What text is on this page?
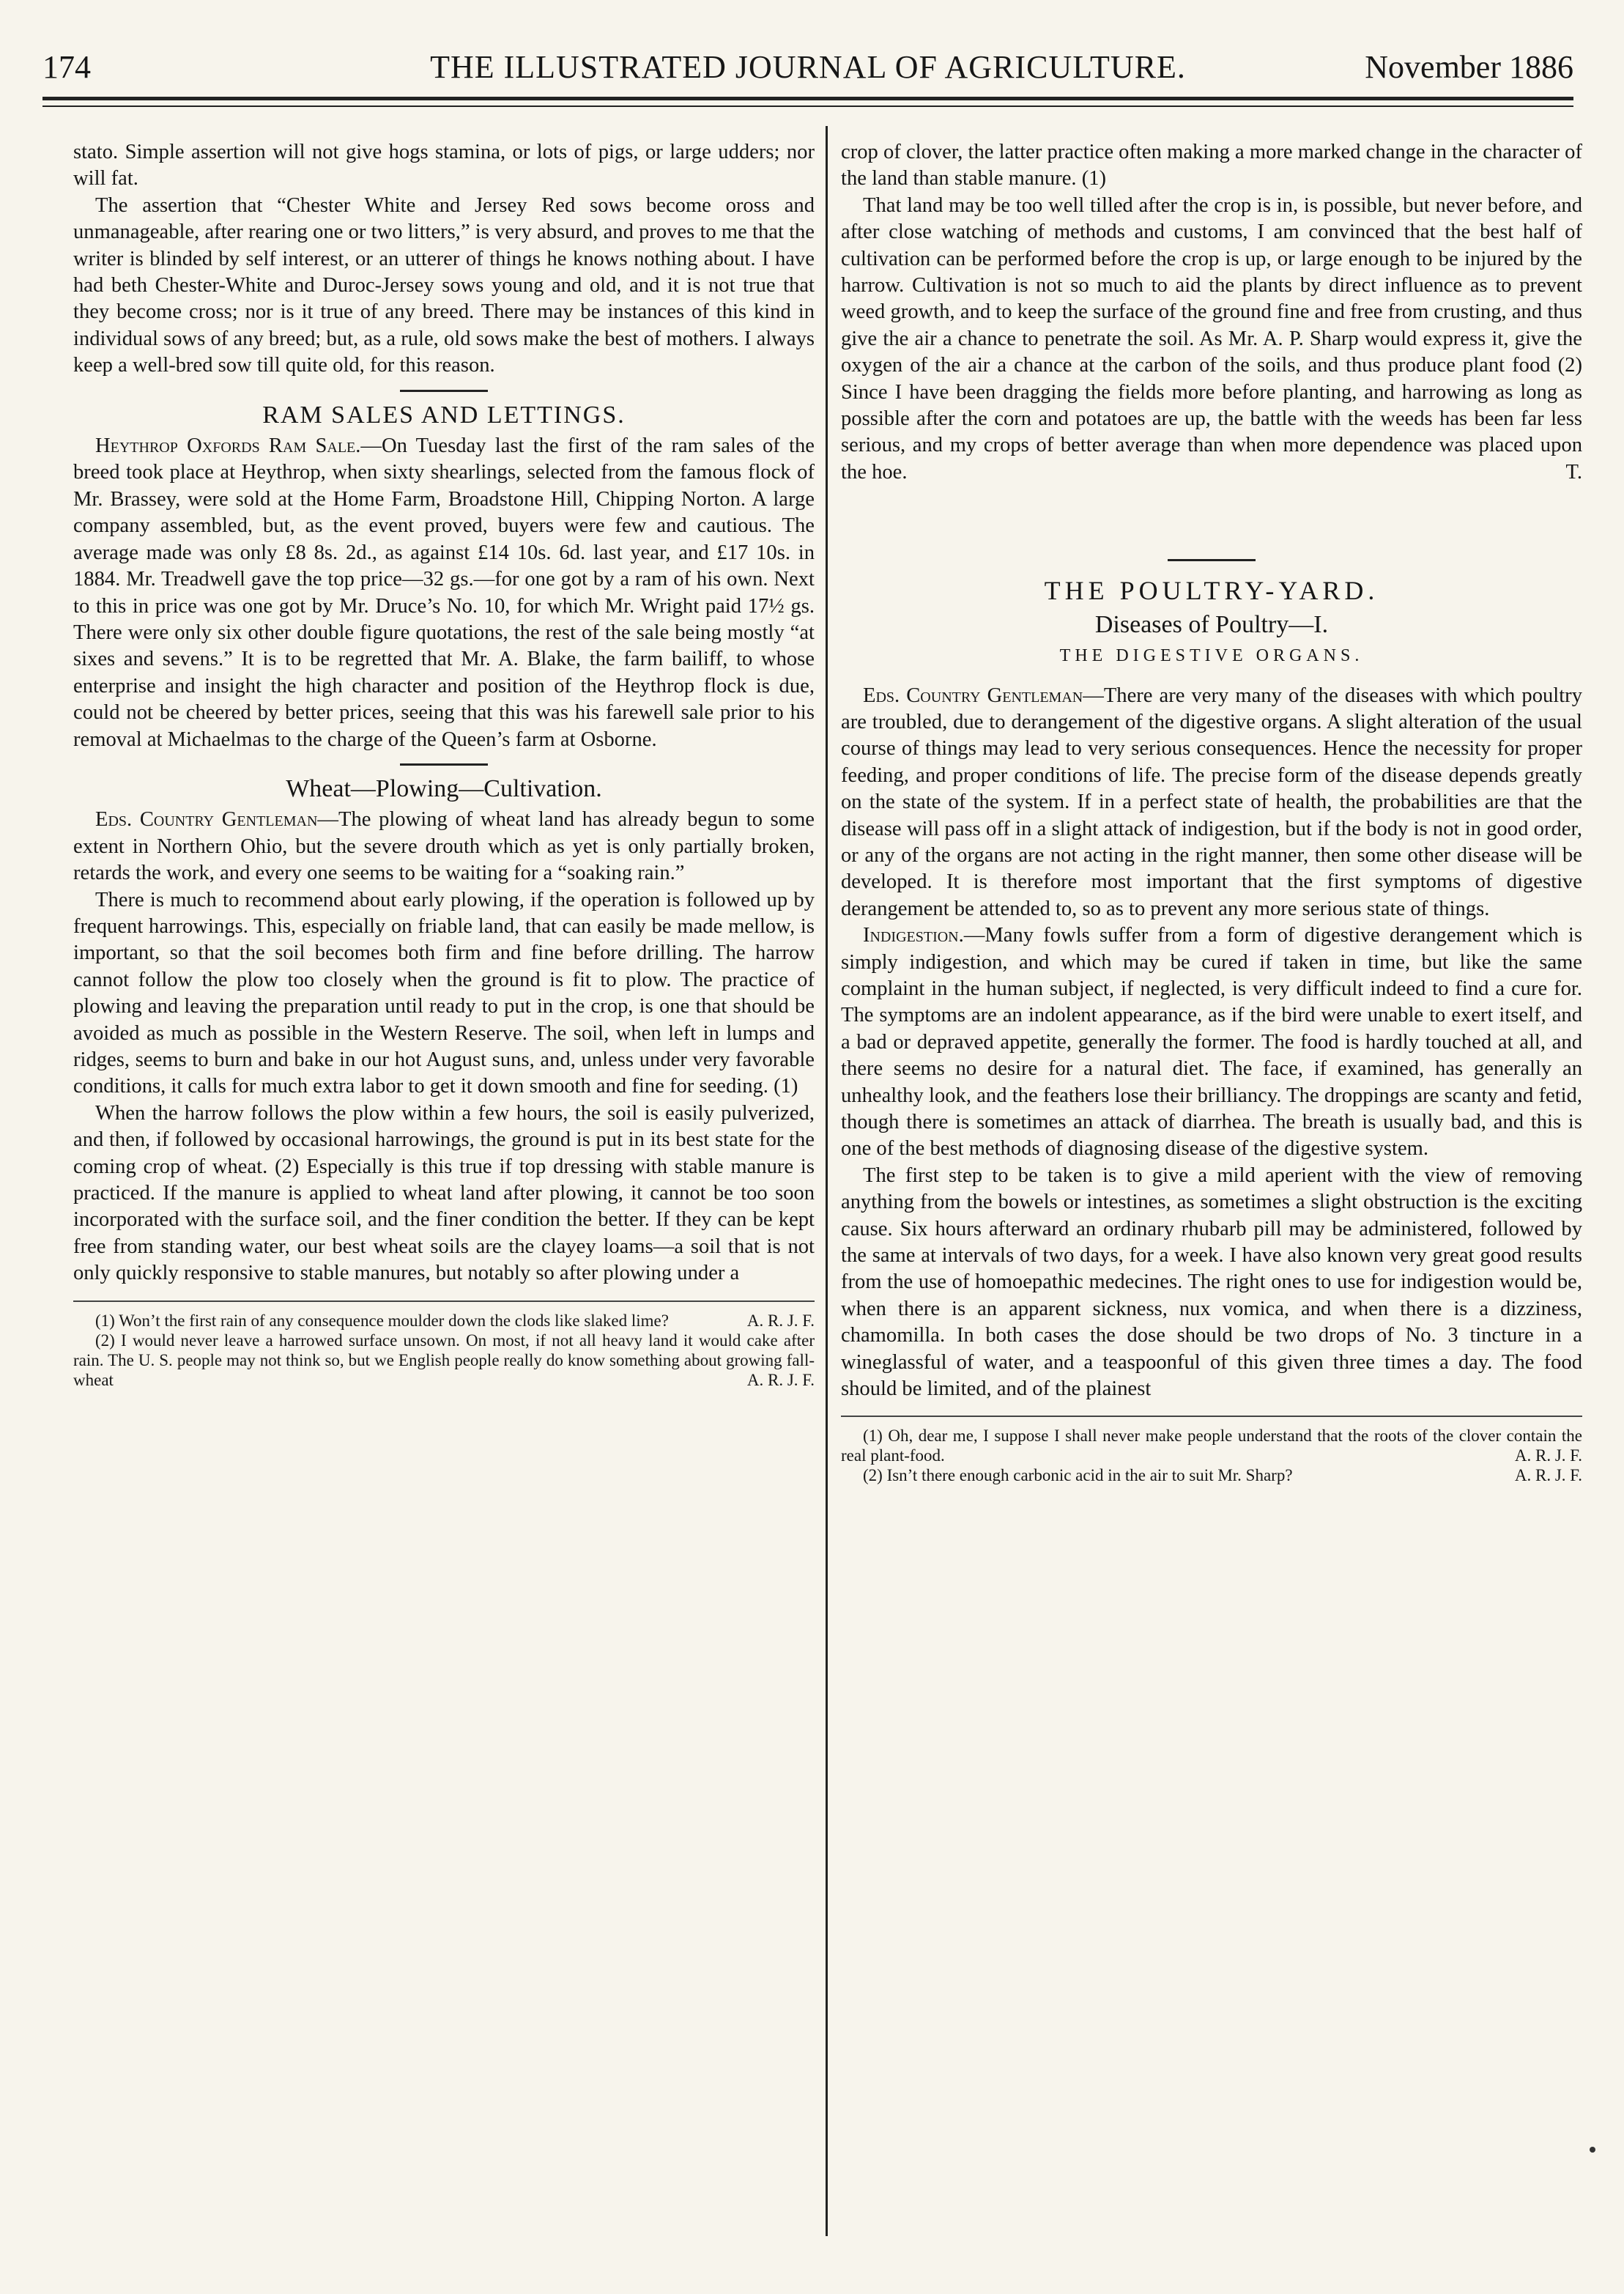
174	THE ILLUSTRATED JOURNAL OF AGRICULTURE.	November 1886

stato. Simple assertion will not give hogs stamina, or lots of pigs, or large udders; nor will fat.

The assertion that “Chester White and Jersey Red sows become oross and unmanageable, after rearing one or two litters,” is very absurd, and proves to me that the writer is blinded by self interest, or an utterer of things he knows nothing about. I have had beth Chester-White and Duroc-Jersey sows young and old, and it is not true that they become cross; nor is it true of any breed. There may be instances of this kind in individual sows of any breed; but, as a rule, old sows make the best of mothers. I always keep a well-bred sow till quite old, for this reason.

RAM SALES AND LETTINGS.

Heythrop Oxfords Ram Sale.—On Tuesday last the first of the ram sales of the breed took place at Heythrop, when sixty shearlings, selected from the famous flock of Mr. Brassey, were sold at the Home Farm, Broadstone Hill, Chipping Norton. A large company assembled, but, as the event proved, buyers were few and cautious. The average made was only £8 8s. 2d., as against £14 10s. 6d. last year, and £17 10s. in 1884. Mr. Treadwell gave the top price—32 gs.—for one got by a ram of his own. Next to this in price was one got by Mr. Druce’s No. 10, for which Mr. Wright paid 17½ gs. There were only six other double figure quotations, the rest of the sale being mostly “at sixes and sevens.” It is to be regretted that Mr. A. Blake, the farm bailiff, to whose enterprise and insight the high character and position of the Heythrop flock is due, could not be cheered by better prices, seeing that this was his farewell sale prior to his removal at Michaelmas to the charge of the Queen’s farm at Osborne.

Wheat—Plowing—Cultivation.

Eds. Country Gentleman—The plowing of wheat land has already begun to some extent in Northern Ohio, but the severe drouth which as yet is only partially broken, retards the work, and every one seems to be waiting for a “soaking rain.”

There is much to recommend about early plowing, if the operation is followed up by frequent harrowings. This, especially on friable land, that can easily be made mellow, is important, so that the soil becomes both firm and fine before drilling. The harrow cannot follow the plow too closely when the ground is fit to plow. The practice of plowing and leaving the preparation until ready to put in the crop, is one that should be avoided as much as possible in the Western Reserve. The soil, when left in lumps and ridges, seems to burn and bake in our hot August suns, and, unless under very favorable conditions, it calls for much extra labor to get it down smooth and fine for seeding. (1)

When the harrow follows the plow within a few hours, the soil is easily pulverized, and then, if followed by occasional harrowings, the ground is put in its best state for the coming crop of wheat. (2) Especially is this true if top dressing with stable manure is practiced. If the manure is applied to wheat land after plowing, it cannot be too soon incorporated with the surface soil, and the finer condition the better. If they can be kept free from standing water, our best wheat soils are the clayey loams—a soil that is not only quickly responsive to stable manures, but notably so after plowing under a

(1) Won’t the first rain of any consequence moulder down the clods like slaked lime?	A. R. J. F.

(2) I would never leave a harrowed surface unsown. On most, if not all heavy land it would cake after rain. The U. S. people may not think so, but we English people really do know something about growing fall-wheat	A. R. J. F.

crop of clover, the latter practice often making a more marked change in the character of the land than stable manure. (1)

That land may be too well tilled after the crop is in, is possible, but never before, and after close watching of methods and customs, I am convinced that the best half of cultivation can be performed before the crop is up, or large enough to be injured by the harrow. Cultivation is not so much to aid the plants by direct influence as to prevent weed growth, and to keep the surface of the ground fine and free from crusting, and thus give the air a chance to penetrate the soil. As Mr. A. P. Sharp would express it, give the oxygen of the air a chance at the carbon of the soils, and thus produce plant food (2) Since I have been dragging the fields more before planting, and harrowing as long as possible after the corn and potatoes are up, the battle with the weeds has been far less serious, and my crops of better average than when more dependence was placed upon the hoe.	T.

THE POULTRY-YARD.
Diseases of Poultry—I.
THE DIGESTIVE ORGANS.

Eds. Country Gentleman—There are very many of the diseases with which poultry are troubled, due to derangement of the digestive organs. A slight alteration of the usual course of things may lead to very serious consequences. Hence the necessity for proper feeding, and proper conditions of life. The precise form of the disease depends greatly on the state of the system. If in a perfect state of health, the probabilities are that the disease will pass off in a slight attack of indigestion, but if the body is not in good order, or any of the organs are not acting in the right manner, then some other disease will be developed. It is therefore most important that the first symptoms of digestive derangement be attended to, so as to prevent any more serious state of things.

Indigestion.—Many fowls suffer from a form of digestive derangement which is simply indigestion, and which may be cured if taken in time, but like the same complaint in the human subject, if neglected, is very difficult indeed to find a cure for. The symptoms are an indolent appearance, as if the bird were unable to exert itself, and a bad or depraved appetite, generally the former. The food is hardly touched at all, and there seems no desire for a natural diet. The face, if examined, has generally an unhealthy look, and the feathers lose their brilliancy. The droppings are scanty and fetid, though there is sometimes an attack of diarrhea. The breath is usually bad, and this is one of the best methods of diagnosing disease of the digestive system.

The first step to be taken is to give a mild aperient with the view of removing anything from the bowels or intestines, as sometimes a slight obstruction is the exciting cause. Six hours afterward an ordinary rhubarb pill may be administered, followed by the same at intervals of two days, for a week. I have also known very great good results from the use of homoepathic medecines. The right ones to use for indigestion would be, when there is an apparent sickness, nux vomica, and when there is a dizziness, chamomilla. In both cases the dose should be two drops of No. 3 tincture in a wineglassful of water, and a teaspoonful of this given three times a day. The food should be limited, and of the plainest

(1) Oh, dear me, I suppose I shall never make people understand that the roots of the clover contain the real plant-food.	A. R. J. F.

(2) Isn’t there enough carbonic acid in the air to suit Mr. Sharp?	A. R. J. F.
